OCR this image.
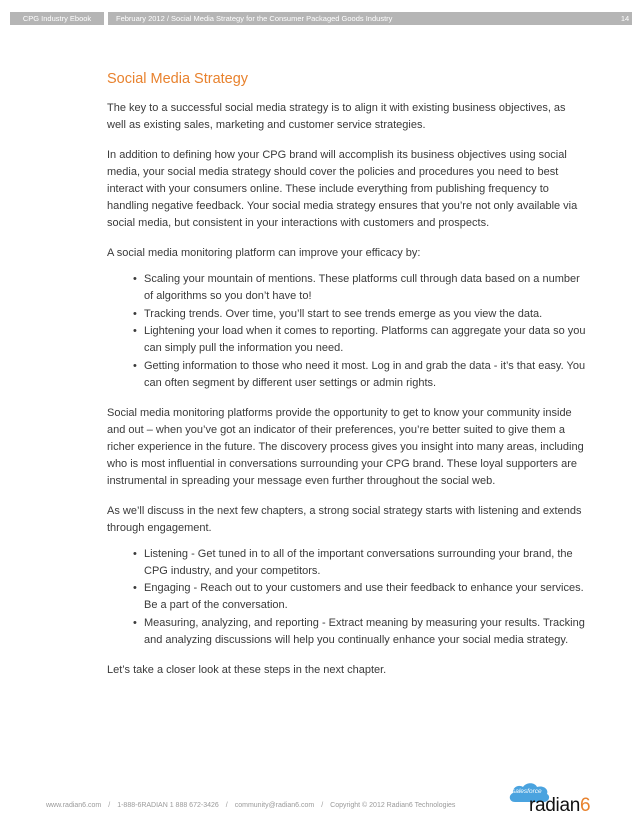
CPG Industry Ebook	February 2012 / Social Media Strategy for the Consumer Packaged Goods Industry	14
Social Media Strategy

The key to a successful social media strategy is to align it with existing business objectives, as well as existing sales, marketing and customer service strategies.

In addition to defining how your CPG brand will accomplish its business objectives using social media, your social media strategy should cover the policies and procedures you need to best interact with your consumers online. These include everything from publishing frequency to handling negative feedback. Your social media strategy ensures that you’re not only available via social media, but consistent in your interactions with customers and prospects.

A social media monitoring platform can improve your efficacy by:

• Scaling your mountain of mentions. These platforms cull through data based on a number of algorithms so you don’t have to!
• Tracking trends. Over time, you’ll start to see trends emerge as you view the data.
• Lightening your load when it comes to reporting. Platforms can aggregate your data so you can simply pull the information you need.
• Getting information to those who need it most. Log in and grab the data - it’s that easy. You can often segment by different user settings or admin rights.

Social media monitoring platforms provide the opportunity to get to know your community inside and out – when you’ve got an indicator of their preferences, you’re better suited to give them a richer experience in the future. The discovery process gives you insight into many areas, including who is most influential in conversations surrounding your CPG brand. These loyal supporters are instrumental in spreading your message even further throughout the social web.

As we’ll discuss in the next few chapters, a strong social strategy starts with listening and extends through engagement.

• Listening - Get tuned in to all of the important conversations surrounding your brand, the CPG industry, and your competitors.
• Engaging - Reach out to your customers and use their feedback to enhance your services. Be a part of the conversation.
• Measuring, analyzing, and reporting - Extract meaning by measuring your results. Tracking and analyzing discussions will help you continually enhance your social media strategy.

Let’s take a closer look at these steps in the next chapter.

www.radian6.com / 1-888-6RADIAN 1 888 672-3426 / community@radian6.com / Copyright © 2012 Radian6 Technologies
salesforce
radian6
